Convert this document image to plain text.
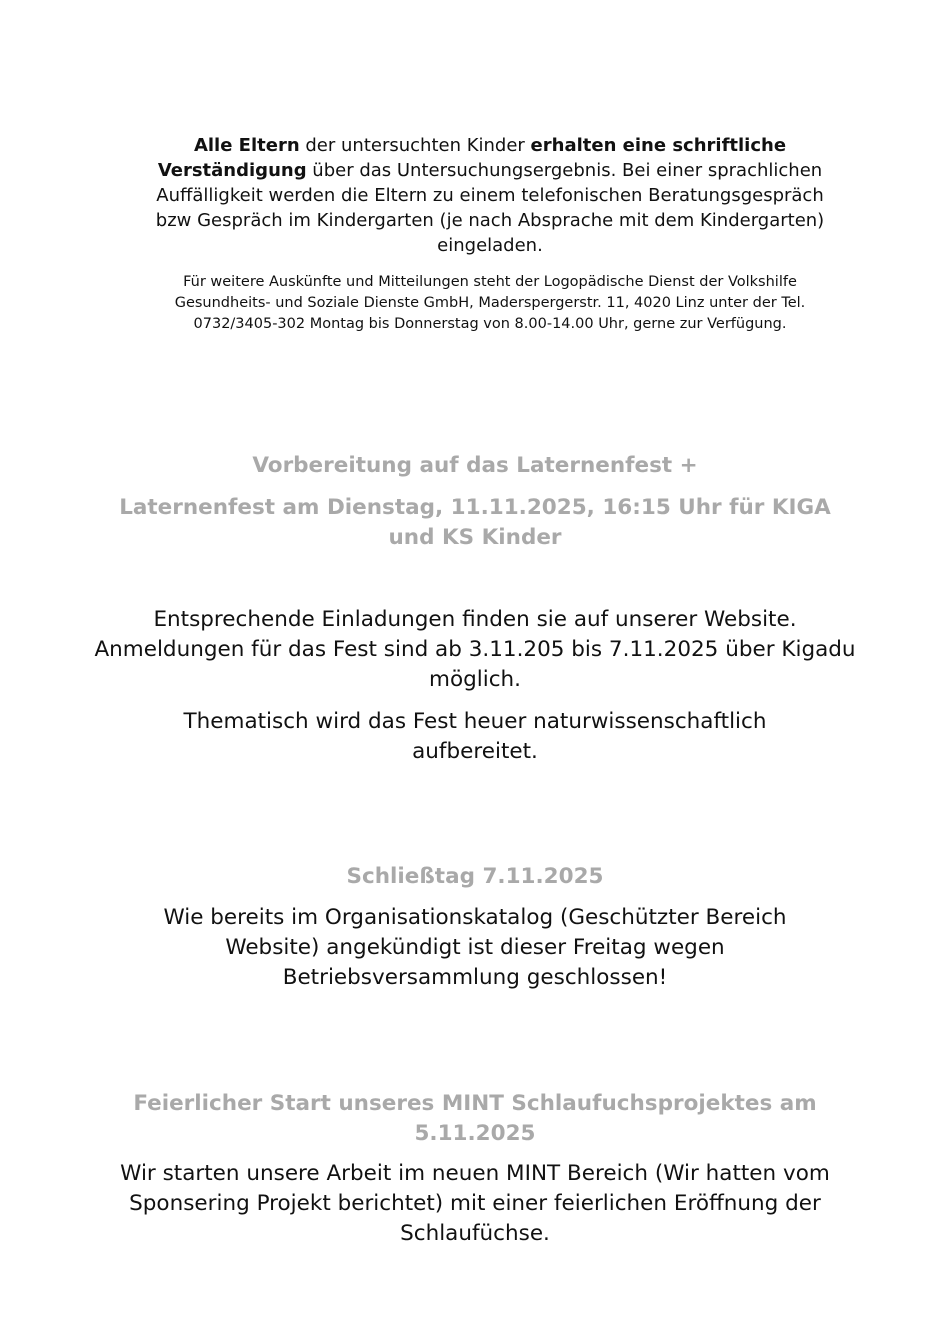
Alle Eltern der untersuchten Kinder erhalten eine schriftliche Verständigung über das Untersuchungsergebnis. Bei einer sprachlichen Auffälligkeit werden die Eltern zu einem telefonischen Beratungsgespräch bzw Gespräch im Kindergarten (je nach Absprache mit dem Kindergarten) eingeladen.

Für weitere Auskünfte und Mitteilungen steht der Logopädische Dienst der Volkshilfe Gesundheits- und Soziale Dienste GmbH, Maderspergerstr. 11, 4020 Linz unter der Tel. 0732/3405-302 Montag bis Donnerstag von 8.00-14.00 Uhr, gerne zur Verfügung.

Vorbereitung auf das Laternenfest +
Laternenfest am Dienstag, 11.11.2025, 16:15 Uhr für KIGA und KS Kinder

Entsprechende Einladungen finden sie auf unserer Website. Anmeldungen für das Fest sind ab 3.11.205 bis 7.11.2025 über Kigadu möglich.

Thematisch wird das Fest heuer naturwissenschaftlich aufbereitet.

Schließtag 7.11.2025

Wie bereits im Organisationskatalog (Geschützter Bereich Website) angekündigt ist dieser Freitag wegen Betriebsversammlung geschlossen!

Feierlicher Start unseres MINT Schlaufuchsprojektes am 5.11.2025

Wir starten unsere Arbeit im neuen MINT Bereich (Wir hatten vom Sponsering Projekt berichtet) mit einer feierlichen Eröffnung der Schlaufüchse.
